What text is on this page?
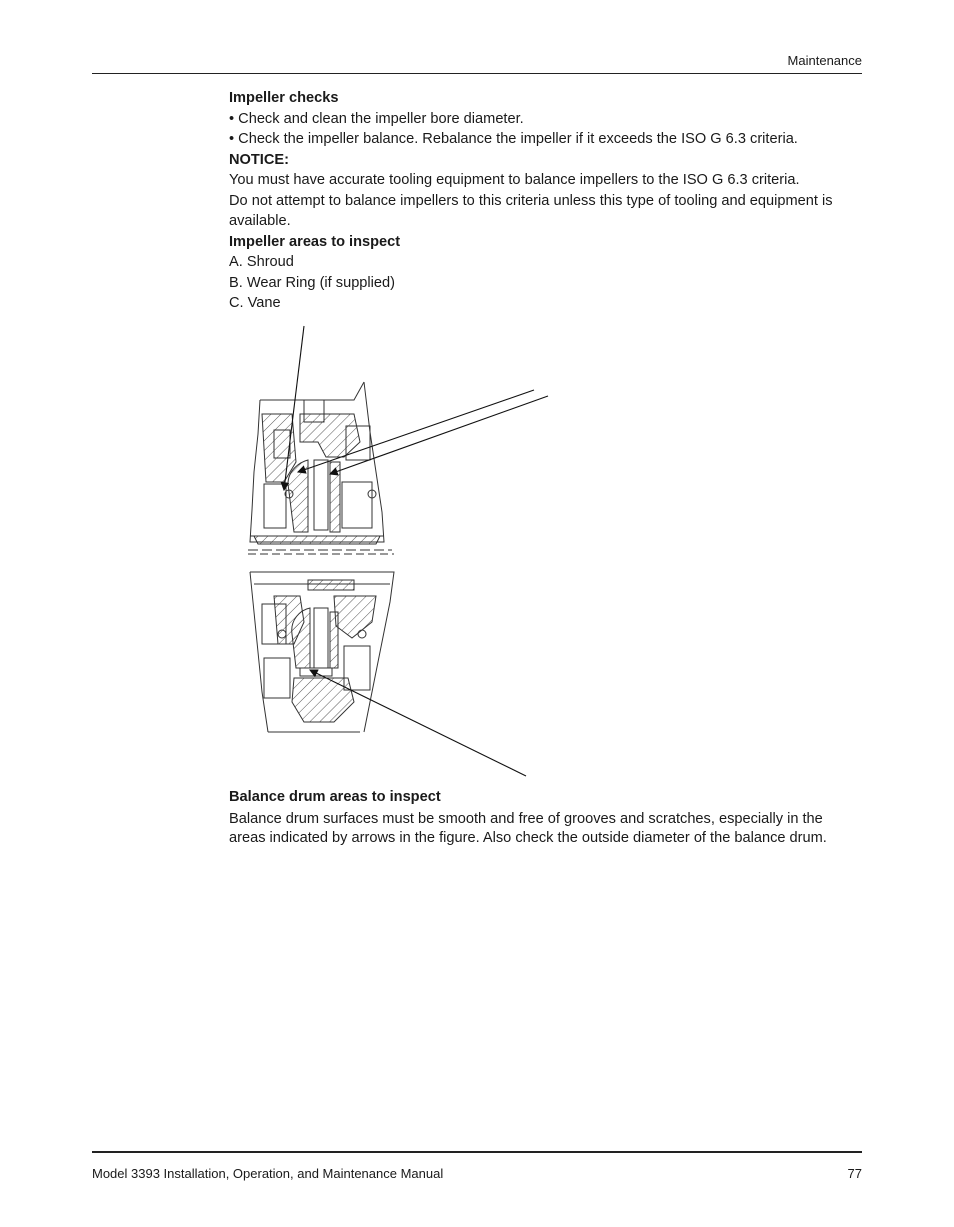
Maintenance

Impeller checks

• Check and clean the impeller bore diameter.

• Check the impeller balance. Rebalance the impeller if it exceeds the ISO G 6.3 criteria.

NOTICE:

You must have accurate tooling equipment to balance impellers to the ISO G 6.3 criteria.

Do not attempt to balance impellers to this criteria unless this type of tooling and equipment is available.

Impeller areas to inspect

A. Shroud

B. Wear Ring (if supplied)

C. Vane

Balance drum areas to inspect

Balance drum surfaces must be smooth and free of grooves and scratches, especially in the areas indicated by arrows in the figure. Also check the outside diameter of the balance drum.

Model 3393 Installation, Operation, and Maintenance Manual	77
